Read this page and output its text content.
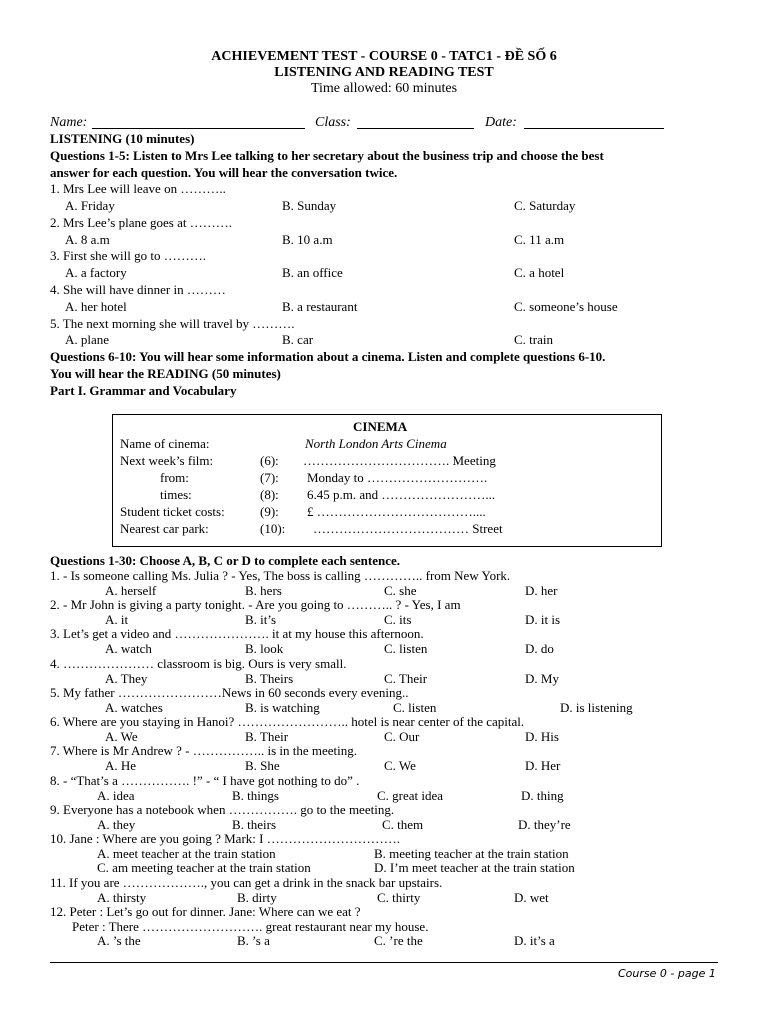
ACHIEVEMENT TEST - COURSE 0 - TATC1 - ĐỀ SỐ 6
LISTENING AND READING TEST
Time allowed: 60 minutes
Name:	Class:	Date:
LISTENING (10 minutes)
Questions 1-5: Listen to Mrs Lee talking to her secretary about the business trip and choose the best
answer for each question. You will hear the conversation twice.
1. Mrs Lee will leave on ………..
A. Friday	B. Sunday	C. Saturday
2. Mrs Lee’s plane goes at ……….
A. 8 a.m	B. 10 a.m	C. 11 a.m
3. First she will go to ……….
A. a factory	B. an office	C. a hotel
4. She will have dinner in ………
A. her hotel	B. a restaurant	C. someone’s house
5. The next morning she will travel by ……….
A. plane	B. car	C. train
Questions 6-10: You will hear some information about a cinema. Listen and complete questions 6-10.
You will hear the READING (50 minutes)
Part I. Grammar and Vocabulary
CINEMA
Name of cinema:	North London Arts Cinema
Next week’s film:	(6): ……………………………. Meeting
from:	(7): Monday to ……………………….
times:	(8): 6.45 p.m. and ……………………...
Student ticket costs:	(9): £ ………………………………....
Nearest car park:	(10): ……………………………… Street
Questions 1-30: Choose A, B, C or D to complete each sentence.
1. - Is someone calling Ms. Julia ? - Yes, The boss is calling ………….. from New York.
A. herself	B. hers	C. she	D. her
2. - Mr John is giving a party tonight. - Are you going to ……….. ? - Yes, I am
A. it	B. it’s	C. its	D. it is
3. Let’s get a video and …………………. it at my house this afternoon.
A. watch	B. look	C. listen	D. do
4. ………………… classroom is big. Ours is very small.
A. They	B. Theirs	C. Their	D. My
5. My father ……………………News in 60 seconds every evening..
A. watches	B. is watching	C. listen	D. is listening
6. Where are you staying in Hanoi? …………………….. hotel is near center of the capital.
A. We	B. Their	C. Our	D. His
7. Where is Mr Andrew ? - …………….. is in the meeting.
A. He	B. She	C. We	D. Her
8. - “That’s a ……………. !” - “ I have got nothing to do” .
A. idea	B. things	C. great idea	D. thing
9. Everyone has a notebook when ……………. go to the meeting.
A. they	B. theirs	C. them	D. they’re
10. Jane : Where are you going ? Mark: I ………………………….
A. meet teacher at the train station	B. meeting teacher at the train station
C. am meeting teacher at the train station	D. I’m meet teacher at the train station
11. If you are ………………., you can get a drink in the snack bar upstairs.
A. thirsty	B. dirty	C. thirty	D. wet
12. Peter : Let’s go out for dinner. Jane: Where can we eat ?
Peter : There ………………………. great restaurant near my house.
A. ’s the	B. ’s a	C. ’re the	D. it’s a
Course 0 - page 1
